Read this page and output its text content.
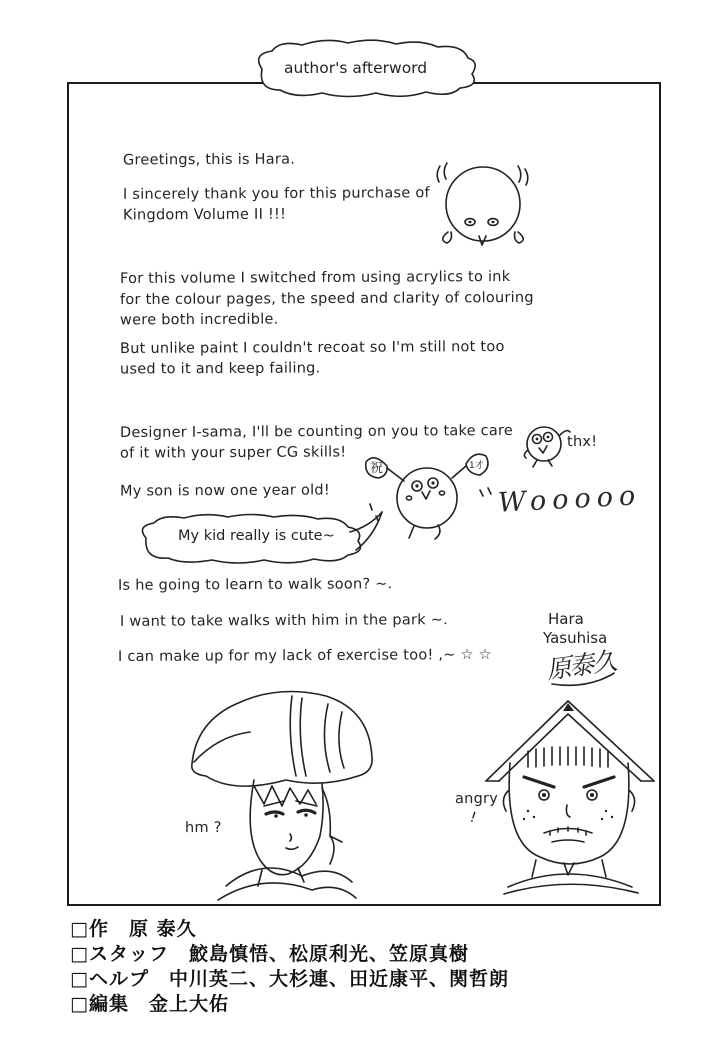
author's afterword
Greetings, this is Hara.
I sincerely thank you for this purchase of
Kingdom Volume II !!!
For this volume I switched from using acrylics to ink
for the colour pages, the speed and clarity of colouring
were both incredible.
But unlike paint I couldn't recoat so I'm still not too
used to it and keep failing.
Designer I-sama, I'll be counting on you to take care
of it with your super CG skills!
thx!
My son is now one year old!
祝	1才
Wooooo
My kid really is cute~
Is he going to learn to walk soon? ~.
I want to take walks with him in the park ~.
I can make up for my lack of exercise too! ,~ ☆ ☆
Hara
Yasuhisa
原泰久
hm ?
angry
!
□作　原 泰久
□スタッフ　鮫島慎悟、松原利光、笠原真樹
□ヘルプ　中川英二、大杉連、田近康平、関哲朗
□編集　金上大佑
